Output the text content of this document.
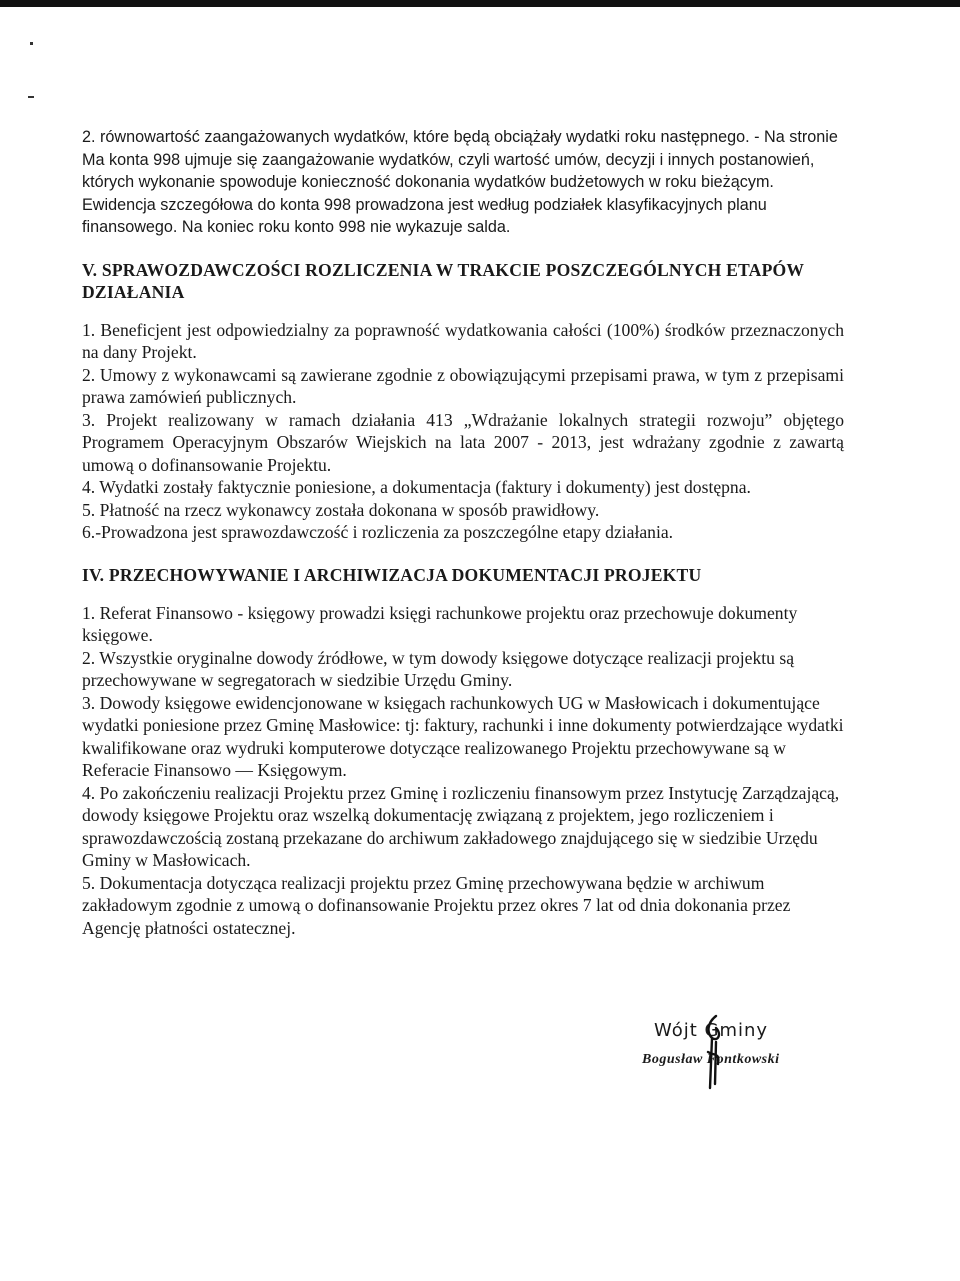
2. równowartość zaangażowanych wydatków, które będą obciążały wydatki roku następnego. - Na stronie Ma konta 998 ujmuje się zaangażowanie wydatków, czyli wartość umów, decyzji i innych postanowień, których wykonanie spowoduje konieczność dokonania wydatków budżetowych w roku bieżącym.

Ewidencja szczegółowa do konta 998 prowadzona jest według podziałek klasyfikacyjnych planu finansowego. Na koniec roku konto 998 nie wykazuje salda.

V. SPRAWOZDAWCZOŚCI ROZLICZENIA W TRAKCIE POSZCZEGÓLNYCH ETAPÓW DZIAŁANIA

1. Beneficjent jest odpowiedzialny za poprawność wydatkowania całości (100%) środków przeznaczonych na dany Projekt.

2. Umowy z wykonawcami są zawierane zgodnie z obowiązującymi przepisami prawa, w tym z przepisami prawa zamówień publicznych.

3. Projekt realizowany w ramach działania 413 „Wdrażanie lokalnych strategii rozwoju” objętego Programem Operacyjnym Obszarów Wiejskich na lata 2007 - 2013, jest wdrażany zgodnie z zawartą umową o dofinansowanie Projektu.

4. Wydatki zostały faktycznie poniesione, a dokumentacja (faktury i dokumenty) jest dostępna.

5. Płatność na rzecz wykonawcy została dokonana w sposób prawidłowy.

6.-Prowadzona jest sprawozdawczość i rozliczenia za poszczególne etapy działania.

IV. PRZECHOWYWANIE I ARCHIWIZACJA DOKUMENTACJI PROJEKTU

1. Referat Finansowo - księgowy prowadzi księgi rachunkowe projektu oraz przechowuje dokumenty księgowe.

2. Wszystkie oryginalne dowody źródłowe, w tym dowody księgowe dotyczące realizacji projektu są przechowywane w segregatorach w siedzibie Urzędu Gminy.

3. Dowody księgowe ewidencjonowane w księgach rachunkowych UG w Masłowicach i dokumentujące wydatki poniesione przez Gminę Masłowice: tj: faktury, rachunki i inne dokumenty potwierdzające wydatki kwalifikowane oraz wydruki komputerowe dotyczące realizowanego Projektu przechowywane są w Referacie Finansowo — Księgowym.

4. Po zakończeniu realizacji Projektu przez Gminę i rozliczeniu finansowym przez Instytucję Zarządzającą, dowody księgowe Projektu oraz wszelką dokumentację związaną z projektem, jego rozliczeniem i sprawozdawczością zostaną przekazane do archiwum zakładowego znajdującego się w siedzibie Urzędu Gminy w Masłowicach.

5. Dokumentacja dotycząca realizacji projektu przez Gminę przechowywana będzie w archiwum zakładowym zgodnie z umową o dofinansowanie Projektu przez okres 7 lat od dnia dokonania przez Agencję płatności ostatecznej.

Wójt Gminy
Bogusław Fontkowski
